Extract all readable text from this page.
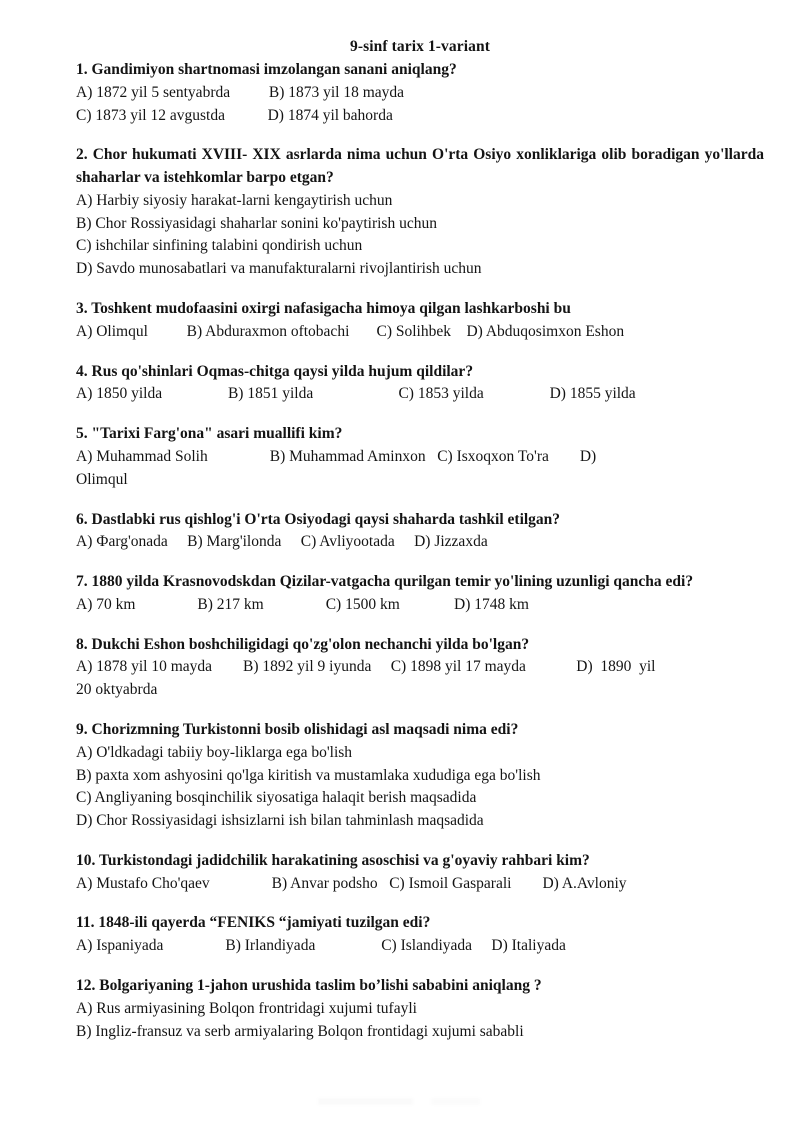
9-sinf tarix 1-variant

1. Gandimiyon shartnomasi imzolangan sanani aniqlang?

A) 1872 yil 5 sentyabrda          B) 1873 yil 18 mayda

C) 1873 yil 12 avgustda           D) 1874 yil bahorda

2. Chor hukumati XVIII- XIX asrlarda nima uchun O'rta Osiyo xonliklariga olib boradigan yo'llarda shaharlar va istehkomlar barpo etgan?

A) Harbiy siyosiy harakat-larni kengaytirish uchun

B) Chor Rossiyasidagi shaharlar sonini ko'paytirish uchun

C) ishchilar sinfining talabini qondirish uchun

D) Savdo munosabatlari va manufakturalarni rivojlantirish uchun

3. Toshkent mudofaasini oxirgi nafasigacha himoya qilgan lashkarboshi bu

A) Olimqul          B) Abduraxmon oftobachi       C) Solihbek    D) Abduqosimxon Eshon

4. Rus qo'shinlari Oqmas-chitga qaysi yilda hujum qildilar?

A) 1850 yilda                 B) 1851 yilda                      C) 1853 yilda                 D) 1855 yilda

5. "Tarixi Farg'ona" asari muallifi kim?

A) Muhammad Solih                B) Muhammad Aminxon   C) Isxoqxon To'ra        D)

Olimqul

6. Dastlabki rus qishlog'i O'rta Osiyodagi qaysi shaharda tashkil etilgan?

A) Фarg'onada     B) Marg'ilonda     C) Avliyootada     D) Jizzaxda

7. 1880 yilda Krasnovodskdan Qizilar-vatgacha qurilgan temir yo'lining uzunligi qancha edi?

A) 70 km                B) 217 km                C) 1500 km              D) 1748 km

8. Dukchi Eshon boshchiligidagi qo'zg'olon nechanchi yilda bo'lgan?

A) 1878 yil 10 mayda        B) 1892 yil 9 iyunda     C) 1898 yil 17 mayda             D)  1890  yil

20 oktyabrda

9. Chorizmning Turkistonni bosib olishidagi asl maqsadi nima edi?

A) O'ldkadagi tabiiy boy-liklarga ega bo'lish

B) paxta xom ashyosini qo'lga kiritish va mustamlaka xududiga ega bo'lish

C) Angliyaning bosqinchilik siyosatiga halaqit berish maqsadida

D) Chor Rossiyasidagi ishsizlarni ish bilan tahminlash maqsadida

10. Turkistondagi jadidchilik harakatining asoschisi va g'oyaviy rahbari kim?

A) Mustafo Cho'qaev                B) Anvar podsho   C) Ismoil Gasparali        D) A.Avloniy

11. 1848-ili qayerda “FENIKS “jamiyati tuzilgan edi?

A) Ispaniyada                B) Irlandiyada                 C) Islandiyada     D) Italiyada

12. Bolgariyaning 1-jahon urushida taslim bo’lishi sababini aniqlang ?

A) Rus armiyasining Bolqon frontridagi xujumi tufayli

B) Ingliz-fransuz va serb armiyalaring Bolqon frontidagi xujumi sababli
